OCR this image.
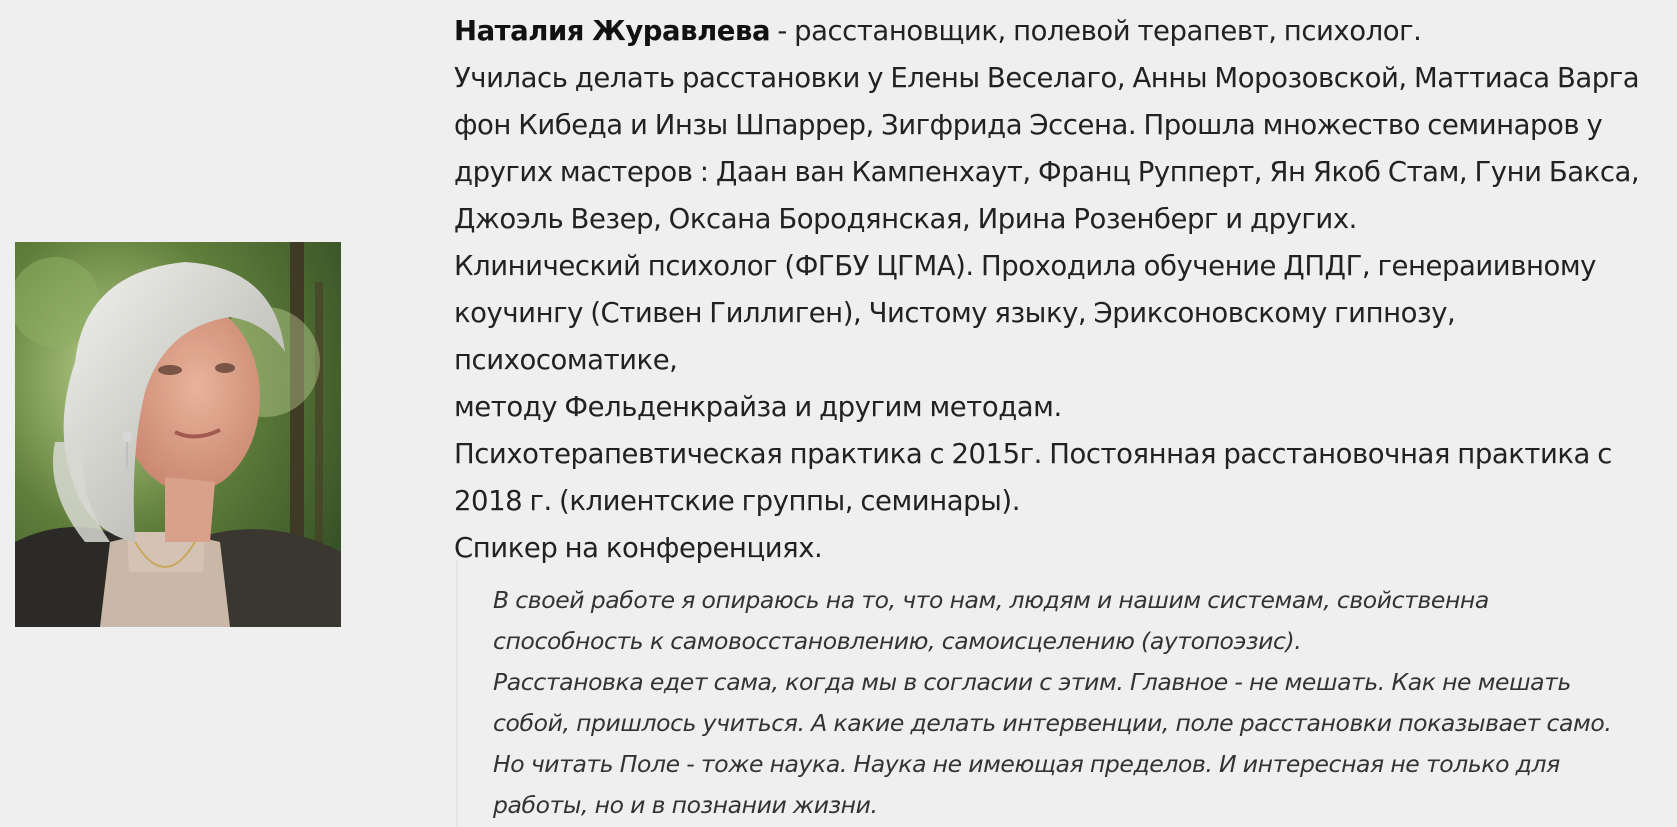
Наталия Журавлева - расстановщик, полевой терапевт, психолог.

Училась делать расстановки у Елены Веселаго, Анны Морозовской, Маттиаса Варга

фон Кибеда и Инзы Шпаррер, Зигфрида Эссена. Прошла множество семинаров у

других мастеров : Даан ван Кампенхаут, Франц Рупперт, Ян Якоб Стам, Гуни Бакса,

Джоэль Везер, Оксана Бородянская, Ирина Розенберг и других.

Клинический психолог (ФГБУ ЦГМА). Проходила обучение ДПДГ, генераиивному

коучингу (Стивен Гиллиген), Чистому языку, Эриксоновскому гипнозу, психосоматике,

методу Фельденкрайза и другим методам.

Психотерапевтическая практика с 2015г. Постоянная расстановочная практика с

2018 г. (клиентские группы, семинары).

Спикер на конференциях.

В своей работе я опираюсь на то, что нам, людям и нашим системам, свойственна

способность к самовосстановлению, самоисцелению (аутопоэзис).

Расстановка едет сама, когда мы в согласии с этим. Главное - не мешать. Как не мешать

собой, пришлось учиться. А какие делать интервенции, поле расстановки показывает само.

Но читать Поле - тоже наука. Наука не имеющая пределов. И интересная не только для

работы, но и в познании жизни.
